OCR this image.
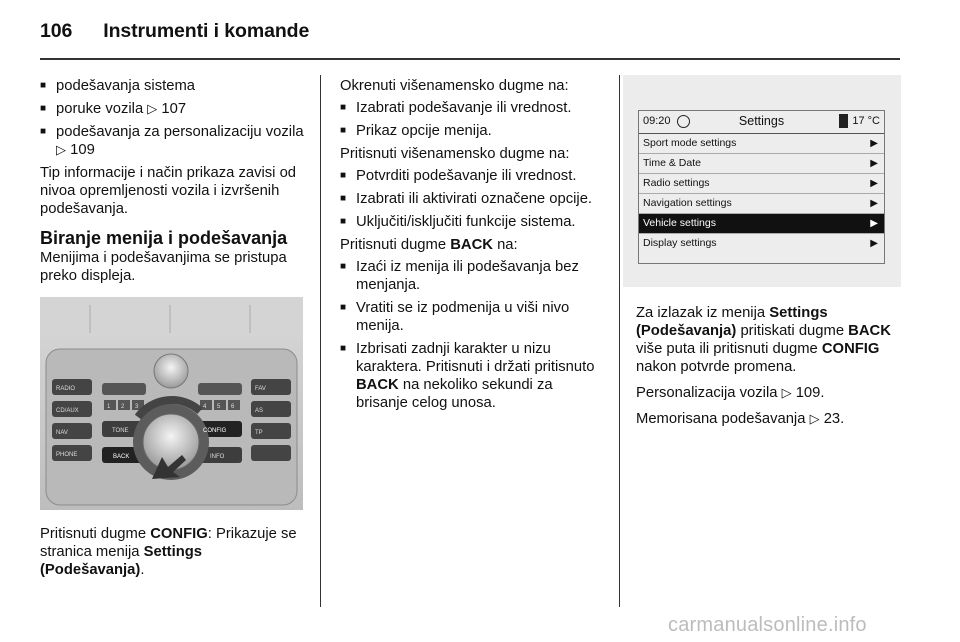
106 Instrumenti i komande
■ podešavanja sistema
■ poruke vozila ▷ 107
■ podešavanja za personalizaciju vozila ▷ 109

Tip informacije i način prikaza zavisi od nivoa opremljenosti vozila i izvršenih podešavanja.

Biranje menija i podešavanja

Menijima i podešavanjima se pristupa preko displeja.

RADIO
CD/AUX
NAV
PHONE
FAV
AS
TP
1 2 3	4 5 6
TONE	CONFIG
BACK	INFO

Pritisnuti dugme CONFIG: Prikazuje se stranica menija Settings (Podešavanja).

Okrenuti višenamensko dugme na:

■ Izabrati podešavanje ili vrednost.
■ Prikaz opcije menija.

Pritisnuti višenamensko dugme na:

■ Potvrditi podešavanje ili vrednost.
■ Izabrati ili aktivirati označene opcije.
■ Uključiti/isključiti funkcije sistema.

Pritisnuti dugme BACK na:

■ Izaći iz menija ili podešavanja bez menjanja.
■ Vratiti se iz podmenija u viši nivo menija.
■ Izbrisati zadnji karakter u nizu karaktera. Pritisnuti i držati pritisnuto BACK na nekoliko sekundi za brisanje celog unosa.
09:20	Settings	17 °C
Sport mode settings	▶
Time & Date	▶
Radio settings	▶
Navigation settings	▶
Vehicle settings	▶
Display settings	▶

Za izlazak iz menija Settings (Podešavanja) pritiskati dugme BACK više puta ili pritisnuti dugme CONFIG nakon potvrde promena.

Personalizacija vozila ▷ 109.

Memorisana podešavanja ▷ 23.

carmanualsonline.info
